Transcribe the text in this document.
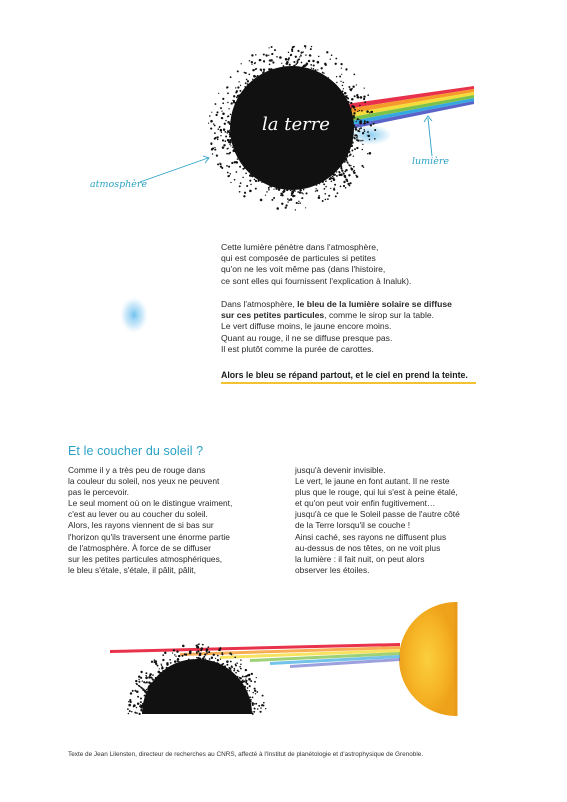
la terre
atmosphère
lumière

Cette lumière pénètre dans l'atmosphère,

qui est composée de particules si petites

qu'on ne les voit même pas (dans l'histoire,

ce sont elles qui fournissent l'explication à Inaluk).

Dans l'atmosphère, le bleu de la lumière solaire se diffuse

sur ces petites particules, comme le sirop sur la table.

Le vert diffuse moins, le jaune encore moins.

Quant au rouge, il ne se diffuse presque pas.

Il est plutôt comme la purée de carottes.

Alors le bleu se répand partout, et le ciel en prend la teinte.
Et le coucher du soleil ?
Comme il y a très peu de rouge dans
la couleur du soleil, nos yeux ne peuvent
pas le percevoir.
Le seul moment où on le distingue vraiment,
c'est au lever ou au coucher du soleil.
Alors, les rayons viennent de si bas sur
l'horizon qu'ils traversent une énorme partie
de l'atmosphère. À force de se diffuser
sur les petites particules atmosphériques,
le bleu s'étale, s'étale, il pâlit, pâlit,
jusqu'à devenir invisible.
Le vert, le jaune en font autant. Il ne reste
plus que le rouge, qui lui s'est à peine étalé,
et qu'on peut voir enfin fugitivement…
jusqu'à ce que le Soleil passe de l'autre côté
de la Terre lorsqu'il se couche !
Ainsi caché, ses rayons ne diffusent plus
au-dessus de nos têtes, on ne voit plus
la lumière : il fait nuit, on peut alors
observer les étoiles.
Texte de Jean Lilensten, directeur de recherches au CNRS, affecté à l'Institut de planétologie et d'astrophysique de Grenoble.
